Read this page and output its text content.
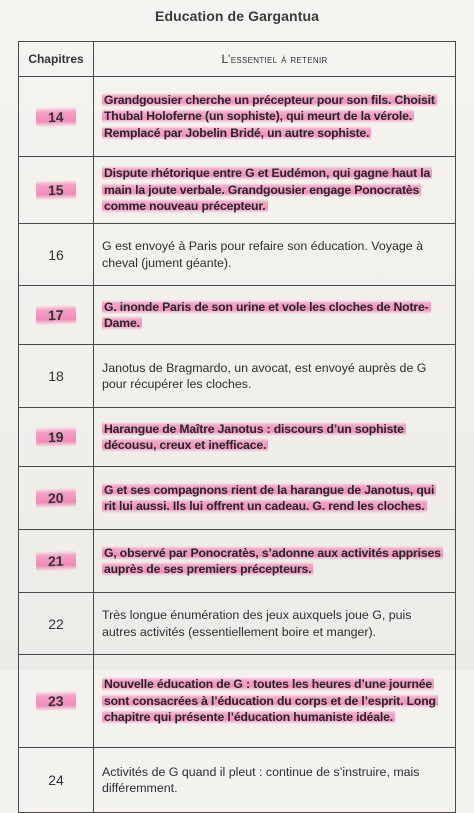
Education de Gargantua
Chapitres	L’essentiel à retenir
14	Grandgousier cherche un précepteur pour son fils. Choisit Thubal Holoferne (un sophiste), qui meurt de la vérole. Remplacé par Jobelin Bridé, un autre sophiste.
15	Dispute rhétorique entre G et Eudémon, qui gagne haut la main la joute verbale. Grandgousier engage Ponocratès comme nouveau précepteur.
16	G est envoyé à Paris pour refaire son éducation. Voyage à cheval (jument géante).
17	G. inonde Paris de son urine et vole les cloches de Notre-Dame.
18	Janotus de Bragmardo, un avocat, est envoyé auprès de G pour récupérer les cloches.
19	Harangue de Maître Janotus : discours d’un sophiste décousu, creux et inefficace.
20	G et ses compagnons rient de la harangue de Janotus, qui rit lui aussi. Ils lui offrent un cadeau. G. rend les cloches.
21	G, observé par Ponocratès, s’adonne aux activités apprises auprès de ses premiers précepteurs.
22	Très longue énumération des jeux auxquels joue G, puis autres activités (essentiellement boire et manger).
23	Nouvelle éducation de G : toutes les heures d’une journée sont consacrées à l’éducation du corps et de l’esprit. Long chapitre qui présente l’éducation humaniste idéale.
24	Activités de G quand il pleut : continue de s’instruire, mais différemment.
